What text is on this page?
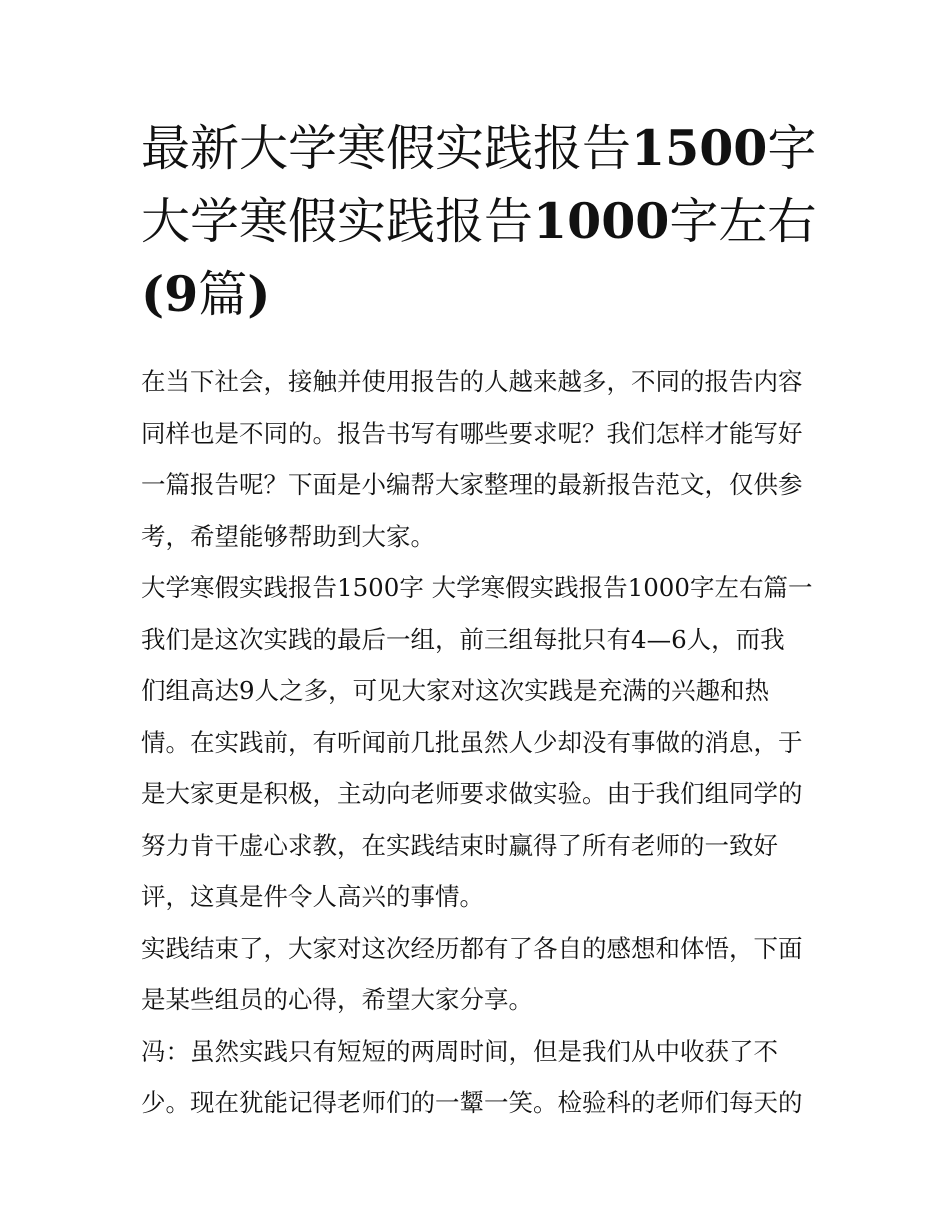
最新大学寒假实践报告1500字
大学寒假实践报告1000字左右
(9篇)

在当下社会，接触并使用报告的人越来越多，不同的报告内容
同样也是不同的。报告书写有哪些要求呢？我们怎样才能写好
一篇报告呢？下面是小编帮大家整理的最新报告范文，仅供参
考，希望能够帮助到大家。

大学寒假实践报告1500字 大学寒假实践报告1000字左右篇一
我们是这次实践的最后一组，前三组每批只有4—6人，而我
们组高达9人之多，可见大家对这次实践是充满的兴趣和热
情。在实践前，有听闻前几批虽然人少却没有事做的消息，于
是大家更是积极，主动向老师要求做实验。由于我们组同学的
努力肯干虚心求教，在实践结束时赢得了所有老师的一致好
评，这真是件令人高兴的事情。

实践结束了，大家对这次经历都有了各自的感想和体悟，下面
是某些组员的心得，希望大家分享。

冯：虽然实践只有短短的两周时间，但是我们从中收获了不
少。现在犹能记得老师们的一颦一笑。检验科的老师们每天的
